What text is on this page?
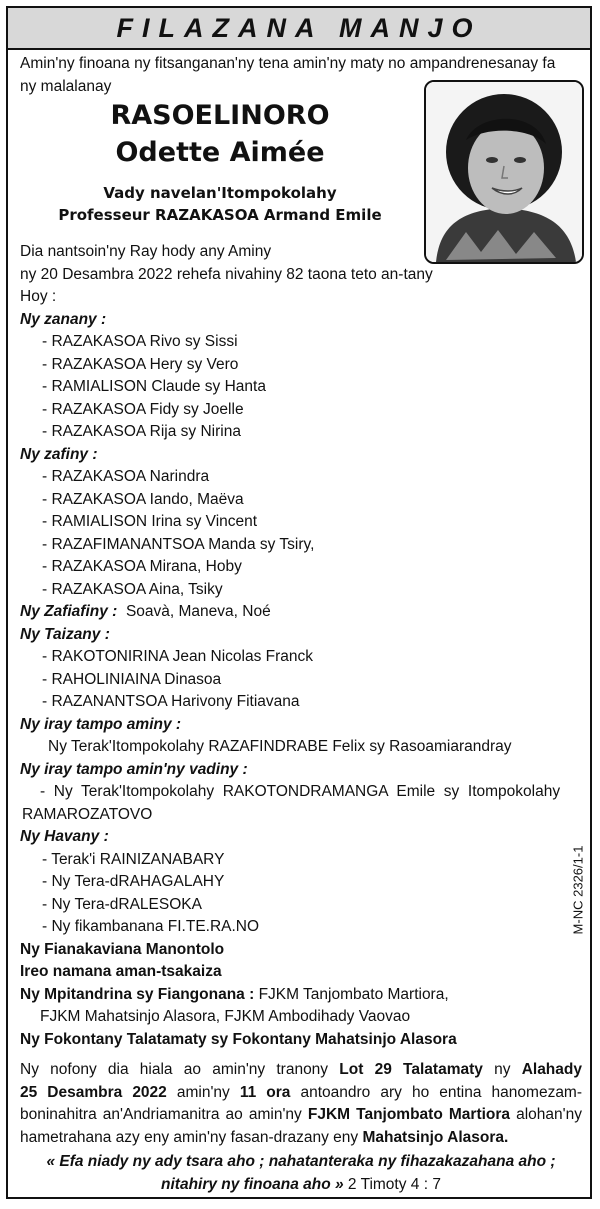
FILAZANA MANJO
RASOELINORO
Odette Aimée
Vady navelan'Itompokolahy
Professeur RAZAKASOA Armand Emile
Amin'ny finoana ny fitsanganan'ny tena amin'ny maty no ampandrenesanay fa
ny malalanay
Dia nantsoin'ny Ray hody any Aminy
ny 20 Desambra 2022 rehefa nivahiny 82 taona teto an-tany
Hoy :
Ny zanany :
- RAZAKASOA Rivo sy Sissi
- RAZAKASOA Hery sy Vero
- RAMIALISON Claude sy Hanta
- RAZAKASOA Fidy sy Joelle
- RAZAKASOA Rija sy Nirina
Ny zafiny :
- RAZAKASOA Narindra
- RAZAKASOA Iando, Maëva
- RAMIALISON Irina sy Vincent
- RAZAFIMANANTSOA Manda sy Tsiry,
- RAZAKASOA Mirana, Hoby
- RAZAKASOA Aina, Tsiky
Ny Zafiafiny : Soavà, Maneva, Noé
Ny Taizany :
- RAKOTONIRINA Jean Nicolas Franck
- RAHOLINIAINA Dinasoa
- RAZANANTSOA Harivony Fitiavana
Ny iray tampo aminy :
Ny Terak'Itompokolahy RAZAFINDRABE Felix sy Rasoamiarandray
Ny iray tampo amin'ny vadiny :
-  Ny  Terak'Itompokolahy  RAKOTONDRAMANGA  Emile  sy  Itompokolahy
RAMAROZATOVO
Ny Havany :
- Terak'i RAINIZANABARY
- Ny Tera-dRAHAGALAHY
- Ny Tera-dRALESOKA
- Ny fikambanana FI.TE.RA.NO
Ny Fianakaviana Manontolo
Ireo namana aman-tsakaiza
Ny Mpitandrina sy Fiangonana : FJKM Tanjombato Martiora,
FJKM Mahatsinjo Alasora, FJKM Ambodihady Vaovao
Ny Fokontany Talatamaty sy Fokontany Mahatsinjo Alasora
Ny nofony dia hiala ao amin'ny tranony Lot 29 Talatamaty ny Alahady
25 Desambra 2022 amin'ny 11 ora antoandro ary ho entina hanomezam-
boninahitra an'Andriamanitra ao amin'ny FJKM Tanjombato Martiora alohan'ny
hametrahana azy eny amin'ny fasan-drazany eny Mahatsinjo Alasora.
« Efa niady ny ady tsara aho ; nahatanteraka ny fihazakazahana aho ;
nitahiry ny finoana aho » 2 Timoty 4 : 7
M-NC 2326/1-1
